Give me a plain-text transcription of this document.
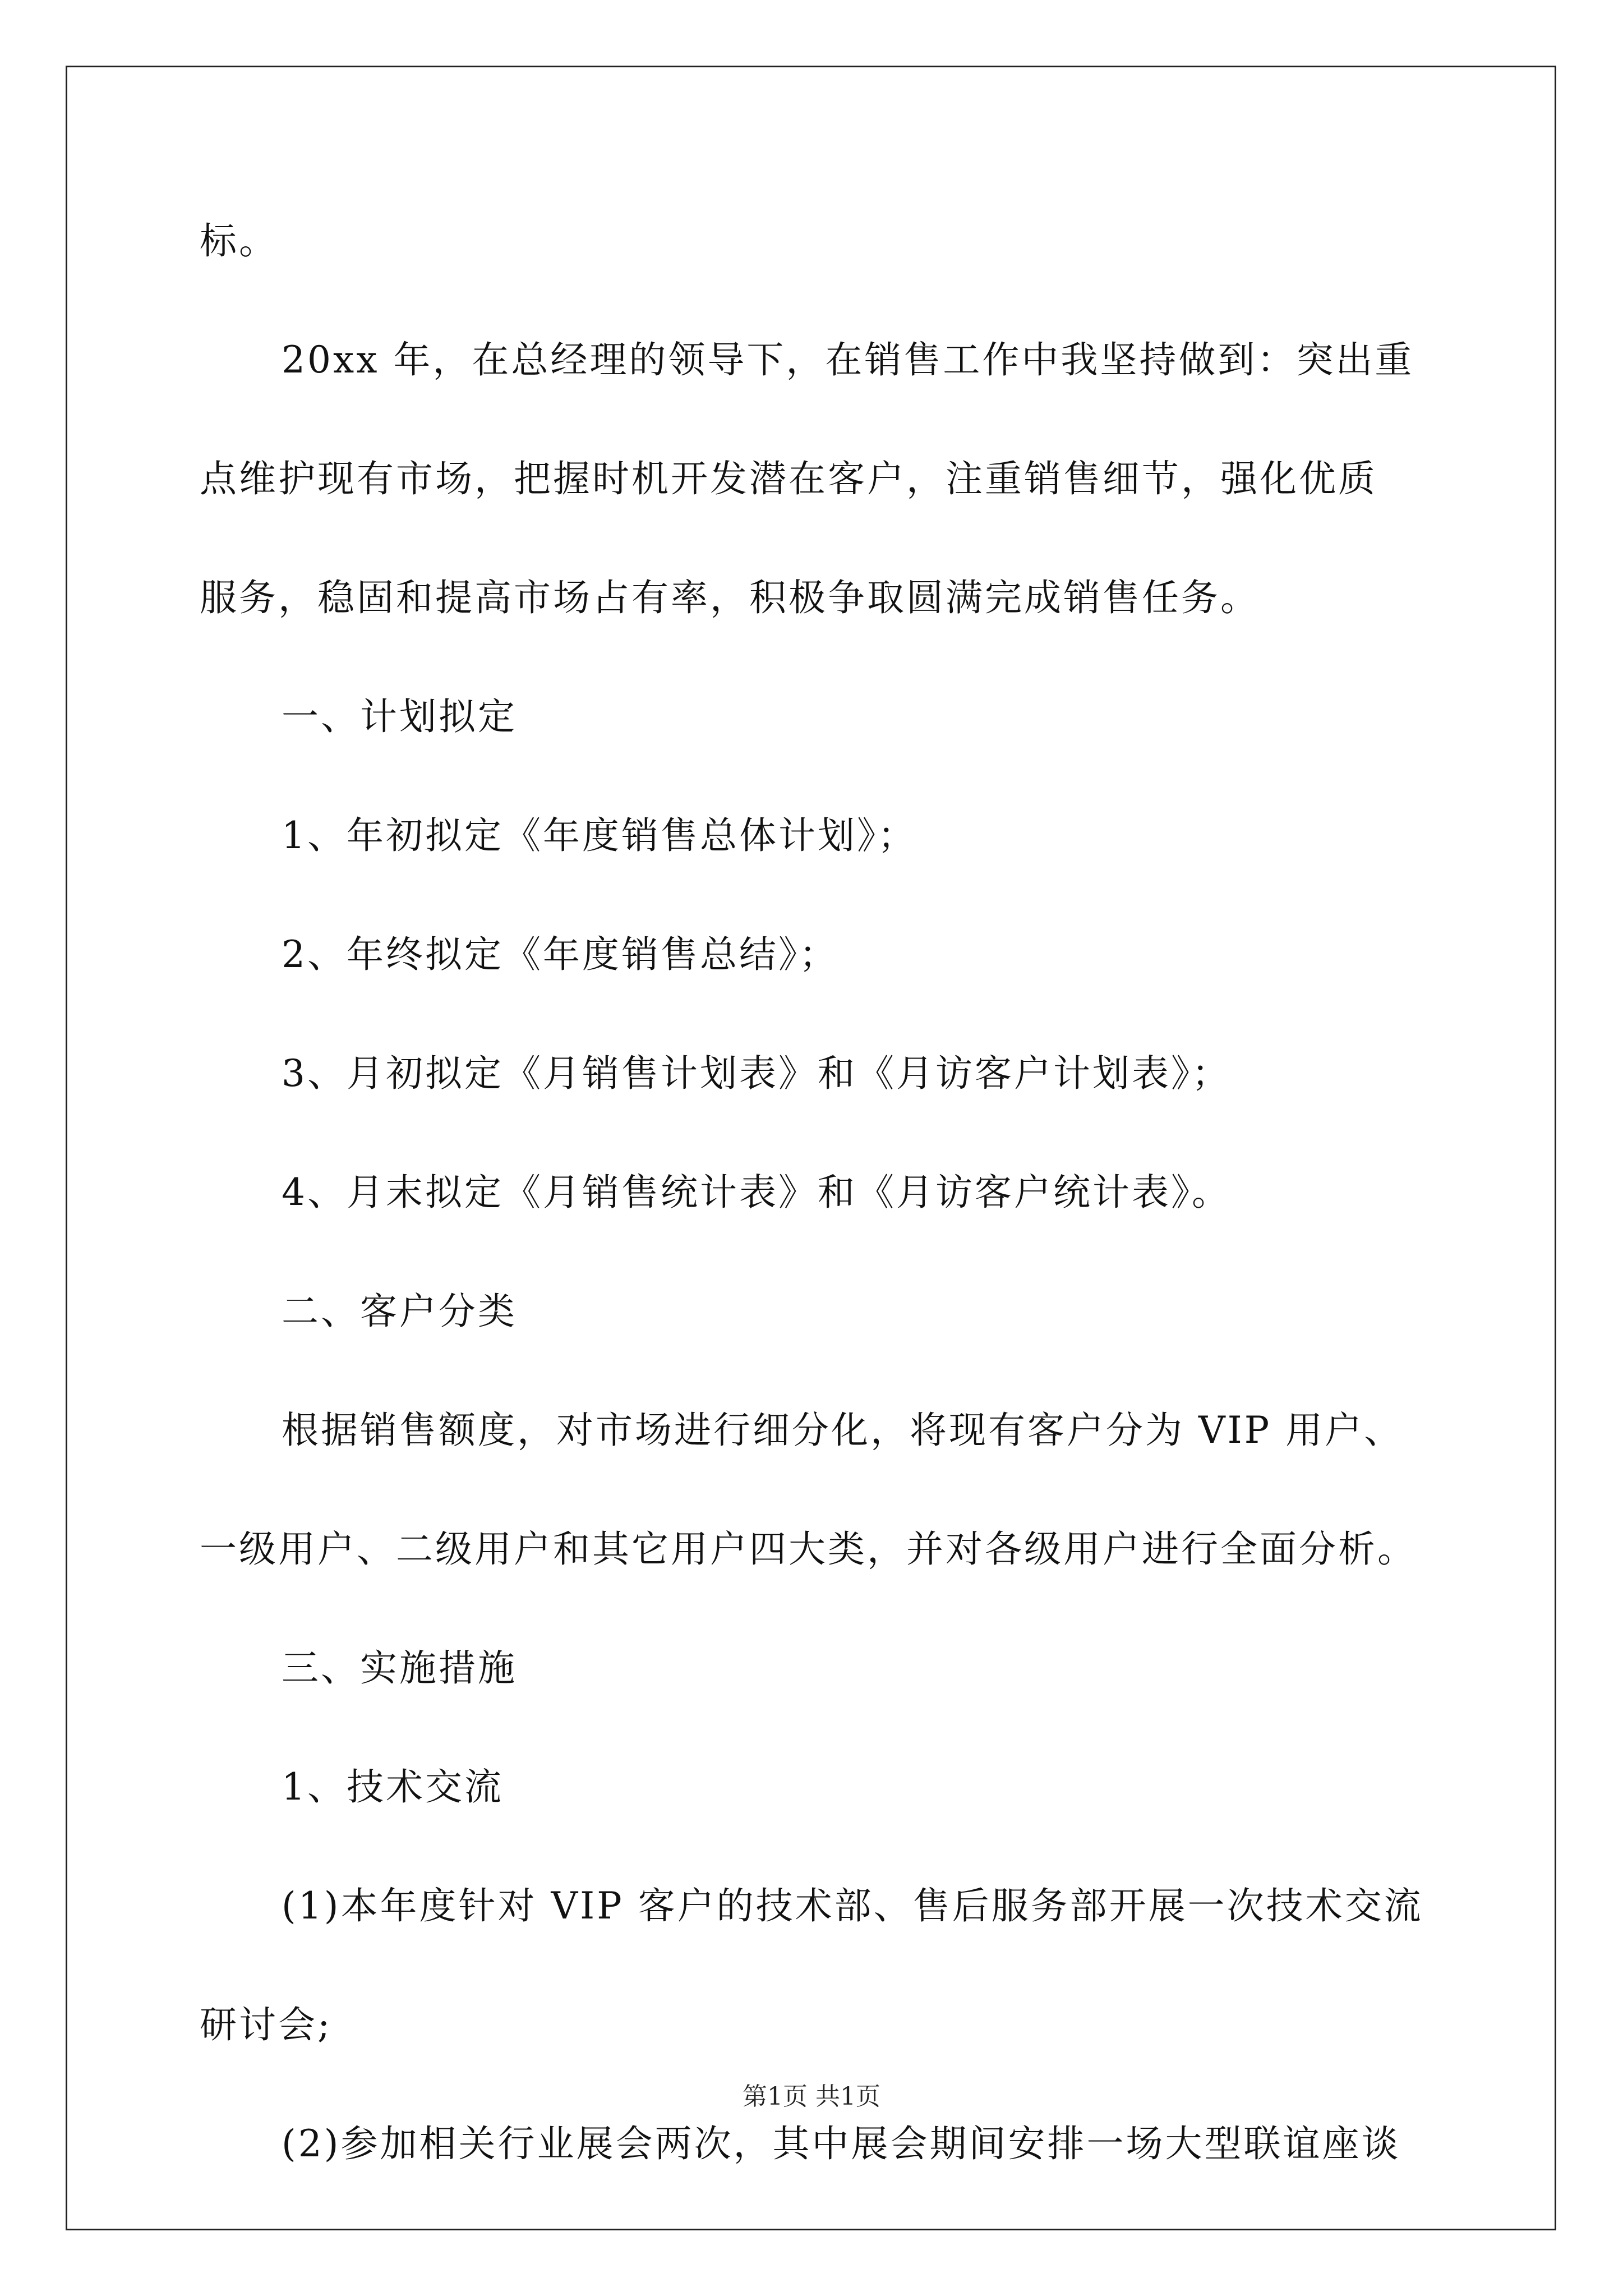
标。
20xx 年，在总经理的领导下，在销售工作中我坚持做到：突出重
点维护现有市场，把握时机开发潜在客户，注重销售细节，强化优质
服务，稳固和提高市场占有率，积极争取圆满完成销售任务。
一、计划拟定
1、年初拟定《年度销售总体计划》；
2、年终拟定《年度销售总结》；
3、月初拟定《月销售计划表》和《月访客户计划表》；
4、月末拟定《月销售统计表》和《月访客户统计表》。
二、客户分类
根据销售额度，对市场进行细分化，将现有客户分为 VIP 用户、
一级用户、二级用户和其它用户四大类，并对各级用户进行全面分析。
三、实施措施
1、技术交流
(1)本年度针对 VIP 客户的技术部、售后服务部开展一次技术交流
研讨会;
(2)参加相关行业展会两次，其中展会期间安排一场大型联谊座谈
第1页 共1页
